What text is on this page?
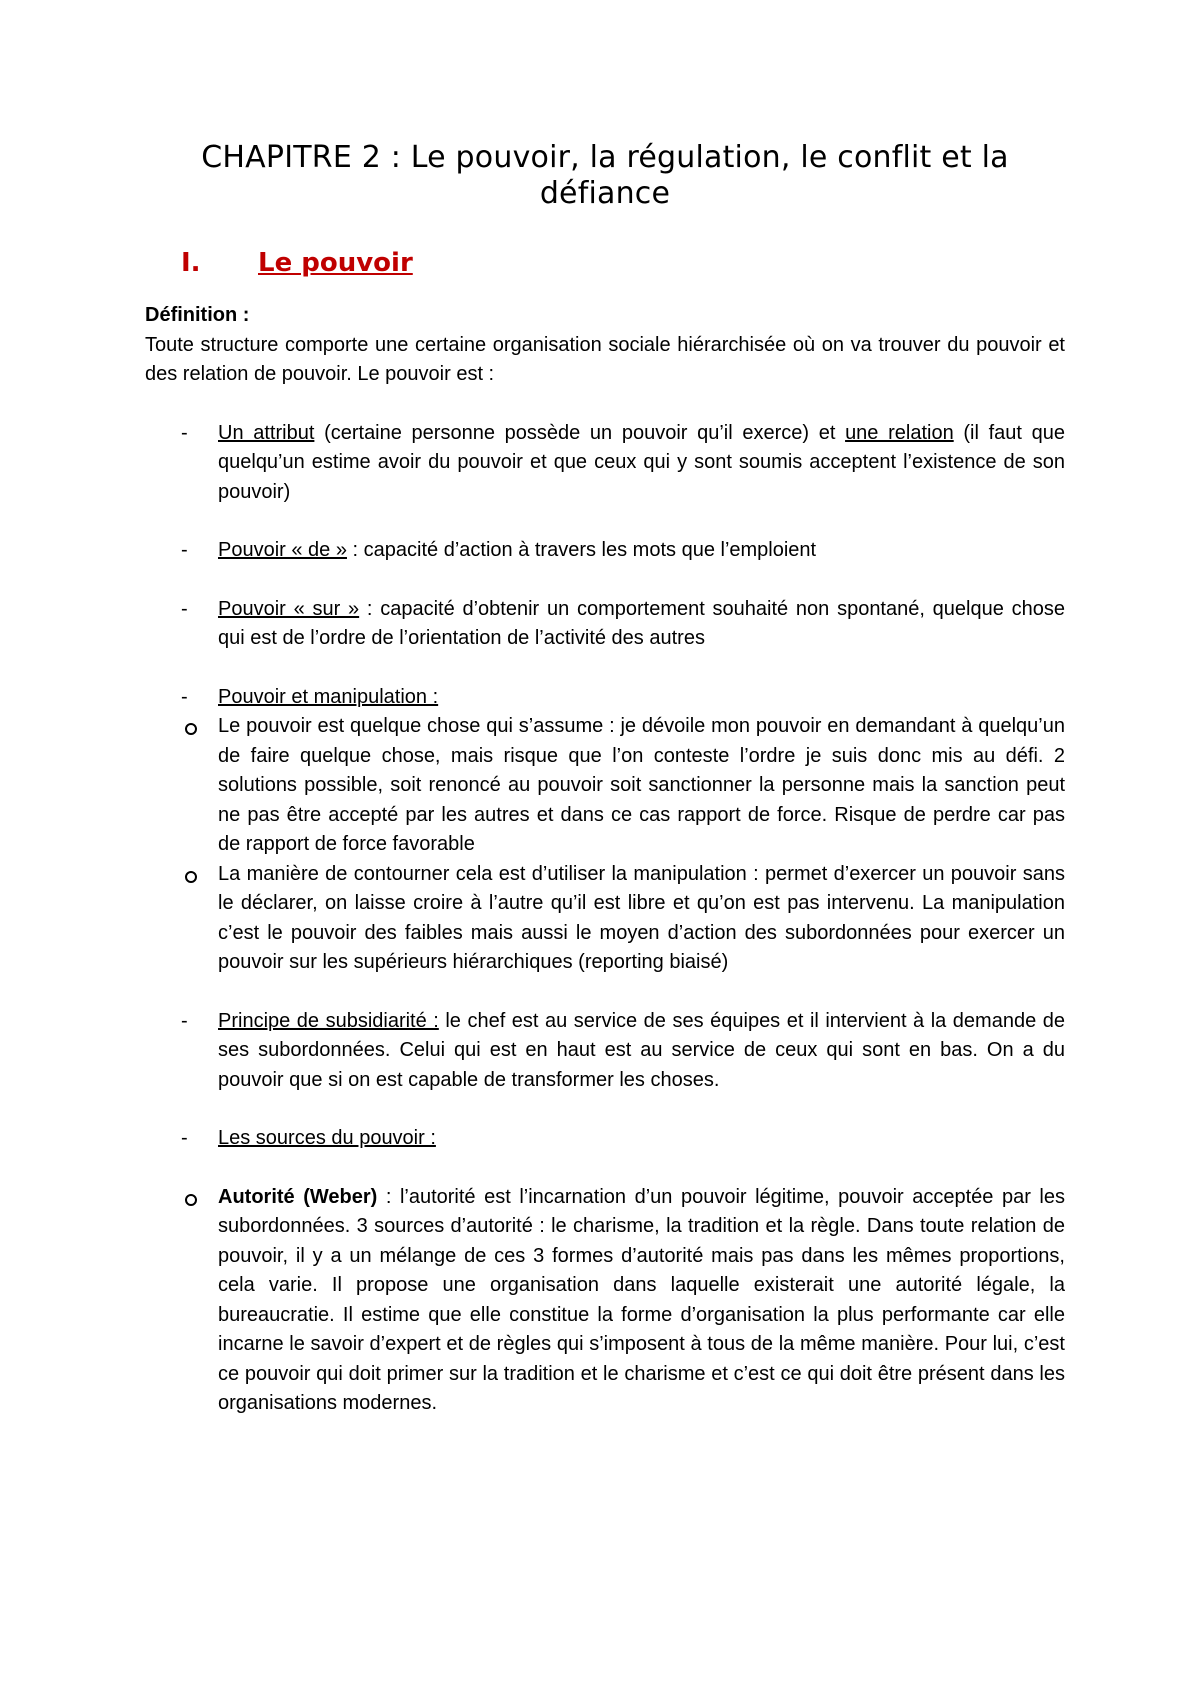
CHAPITRE 2 : Le pouvoir, la régulation, le conflit et la défiance
I.	Le pouvoir

Définition :

Toute structure comporte une certaine organisation sociale hiérarchisée où on va trouver du pouvoir et des relation de pouvoir. Le pouvoir est :

- Un attribut (certaine personne possède un pouvoir qu’il exerce) et une relation (il faut que quelqu’un estime avoir du pouvoir et que ceux qui y sont soumis acceptent l’existence de son pouvoir)
- Pouvoir « de » : capacité d’action à travers les mots que l’emploient
- Pouvoir « sur » : capacité d’obtenir un comportement souhaité non spontané, quelque chose qui est de l’ordre de l’orientation de l’activité des autres
- Pouvoir et manipulation :
Le pouvoir est quelque chose qui s’assume : je dévoile mon pouvoir en demandant à quelqu’un de faire quelque chose, mais risque que l’on conteste l’ordre je suis donc mis au défi. 2 solutions possible, soit renoncé au pouvoir soit sanctionner la personne mais la sanction peut ne pas être accepté par les autres et dans ce cas rapport de force. Risque de perdre car pas de rapport de force favorable
La manière de contourner cela est d’utiliser la manipulation : permet d’exercer un pouvoir sans le déclarer, on laisse croire à l’autre qu’il est libre et qu’on est pas intervenu. La manipulation c’est le pouvoir des faibles mais aussi le moyen d’action des subordonnées pour exercer un pouvoir sur les supérieurs hiérarchiques (reporting biaisé)
- Principe de subsidiarité : le chef est au service de ses équipes et il intervient à la demande de ses subordonnées. Celui qui est en haut est au service de ceux qui sont en bas. On a du pouvoir que si on est capable de transformer les choses.
- Les sources du pouvoir :
Autorité (Weber) : l’autorité est l’incarnation d’un pouvoir légitime, pouvoir acceptée par les subordonnées. 3 sources d’autorité : le charisme, la tradition et la règle. Dans toute relation de pouvoir, il y a un mélange de ces 3 formes d’autorité mais pas dans les mêmes proportions, cela varie. Il propose une organisation dans laquelle existerait une autorité légale, la bureaucratie. Il estime que elle constitue la forme d’organisation la plus performante car elle incarne le savoir d’expert et de règles qui s’imposent à tous de la même manière. Pour lui, c’est ce pouvoir qui doit primer sur la tradition et le charisme et c’est ce qui doit être présent dans les organisations modernes.
